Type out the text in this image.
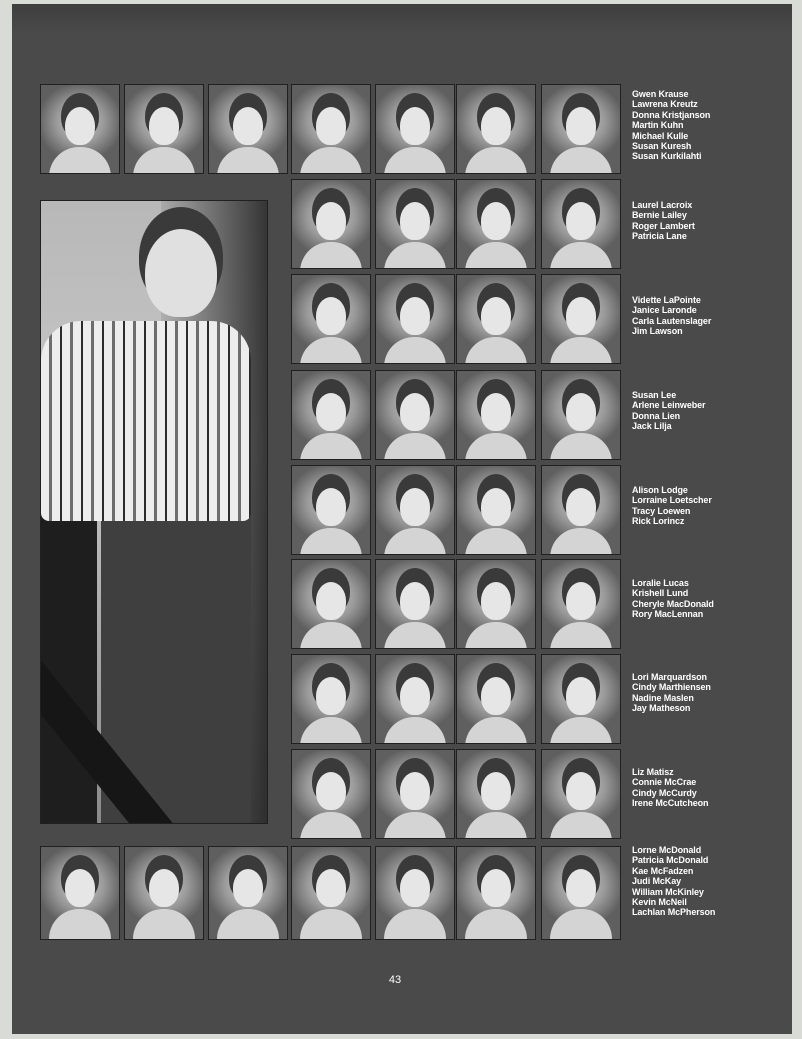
Gwen Krause
Lawrena Kreutz
Donna Kristjanson
Martin Kuhn
Michael Kulle
Susan Kuresh
Susan Kurkilahti
Laurel Lacroix
Bernie Lailey
Roger Lambert
Patricia Lane
Vidette LaPointe
Janice Laronde
Carla Lautenslager
Jim Lawson
Susan Lee
Arlene Leinweber
Donna Lien
Jack Lilja
Alison Lodge
Lorraine Loetscher
Tracy Loewen
Rick Lorincz
Loralie Lucas
Krishell Lund
Cheryle MacDonald
Rory MacLennan
Lori Marquardson
Cindy Marthiensen
Nadine Maslen
Jay Matheson
Liz Matisz
Connie McCrae
Cindy McCurdy
Irene McCutcheon
Lorne McDonald
Patricia McDonald
Kae McFadzen
Judi McKay
William McKinley
Kevin McNeil
Lachlan McPherson
43
